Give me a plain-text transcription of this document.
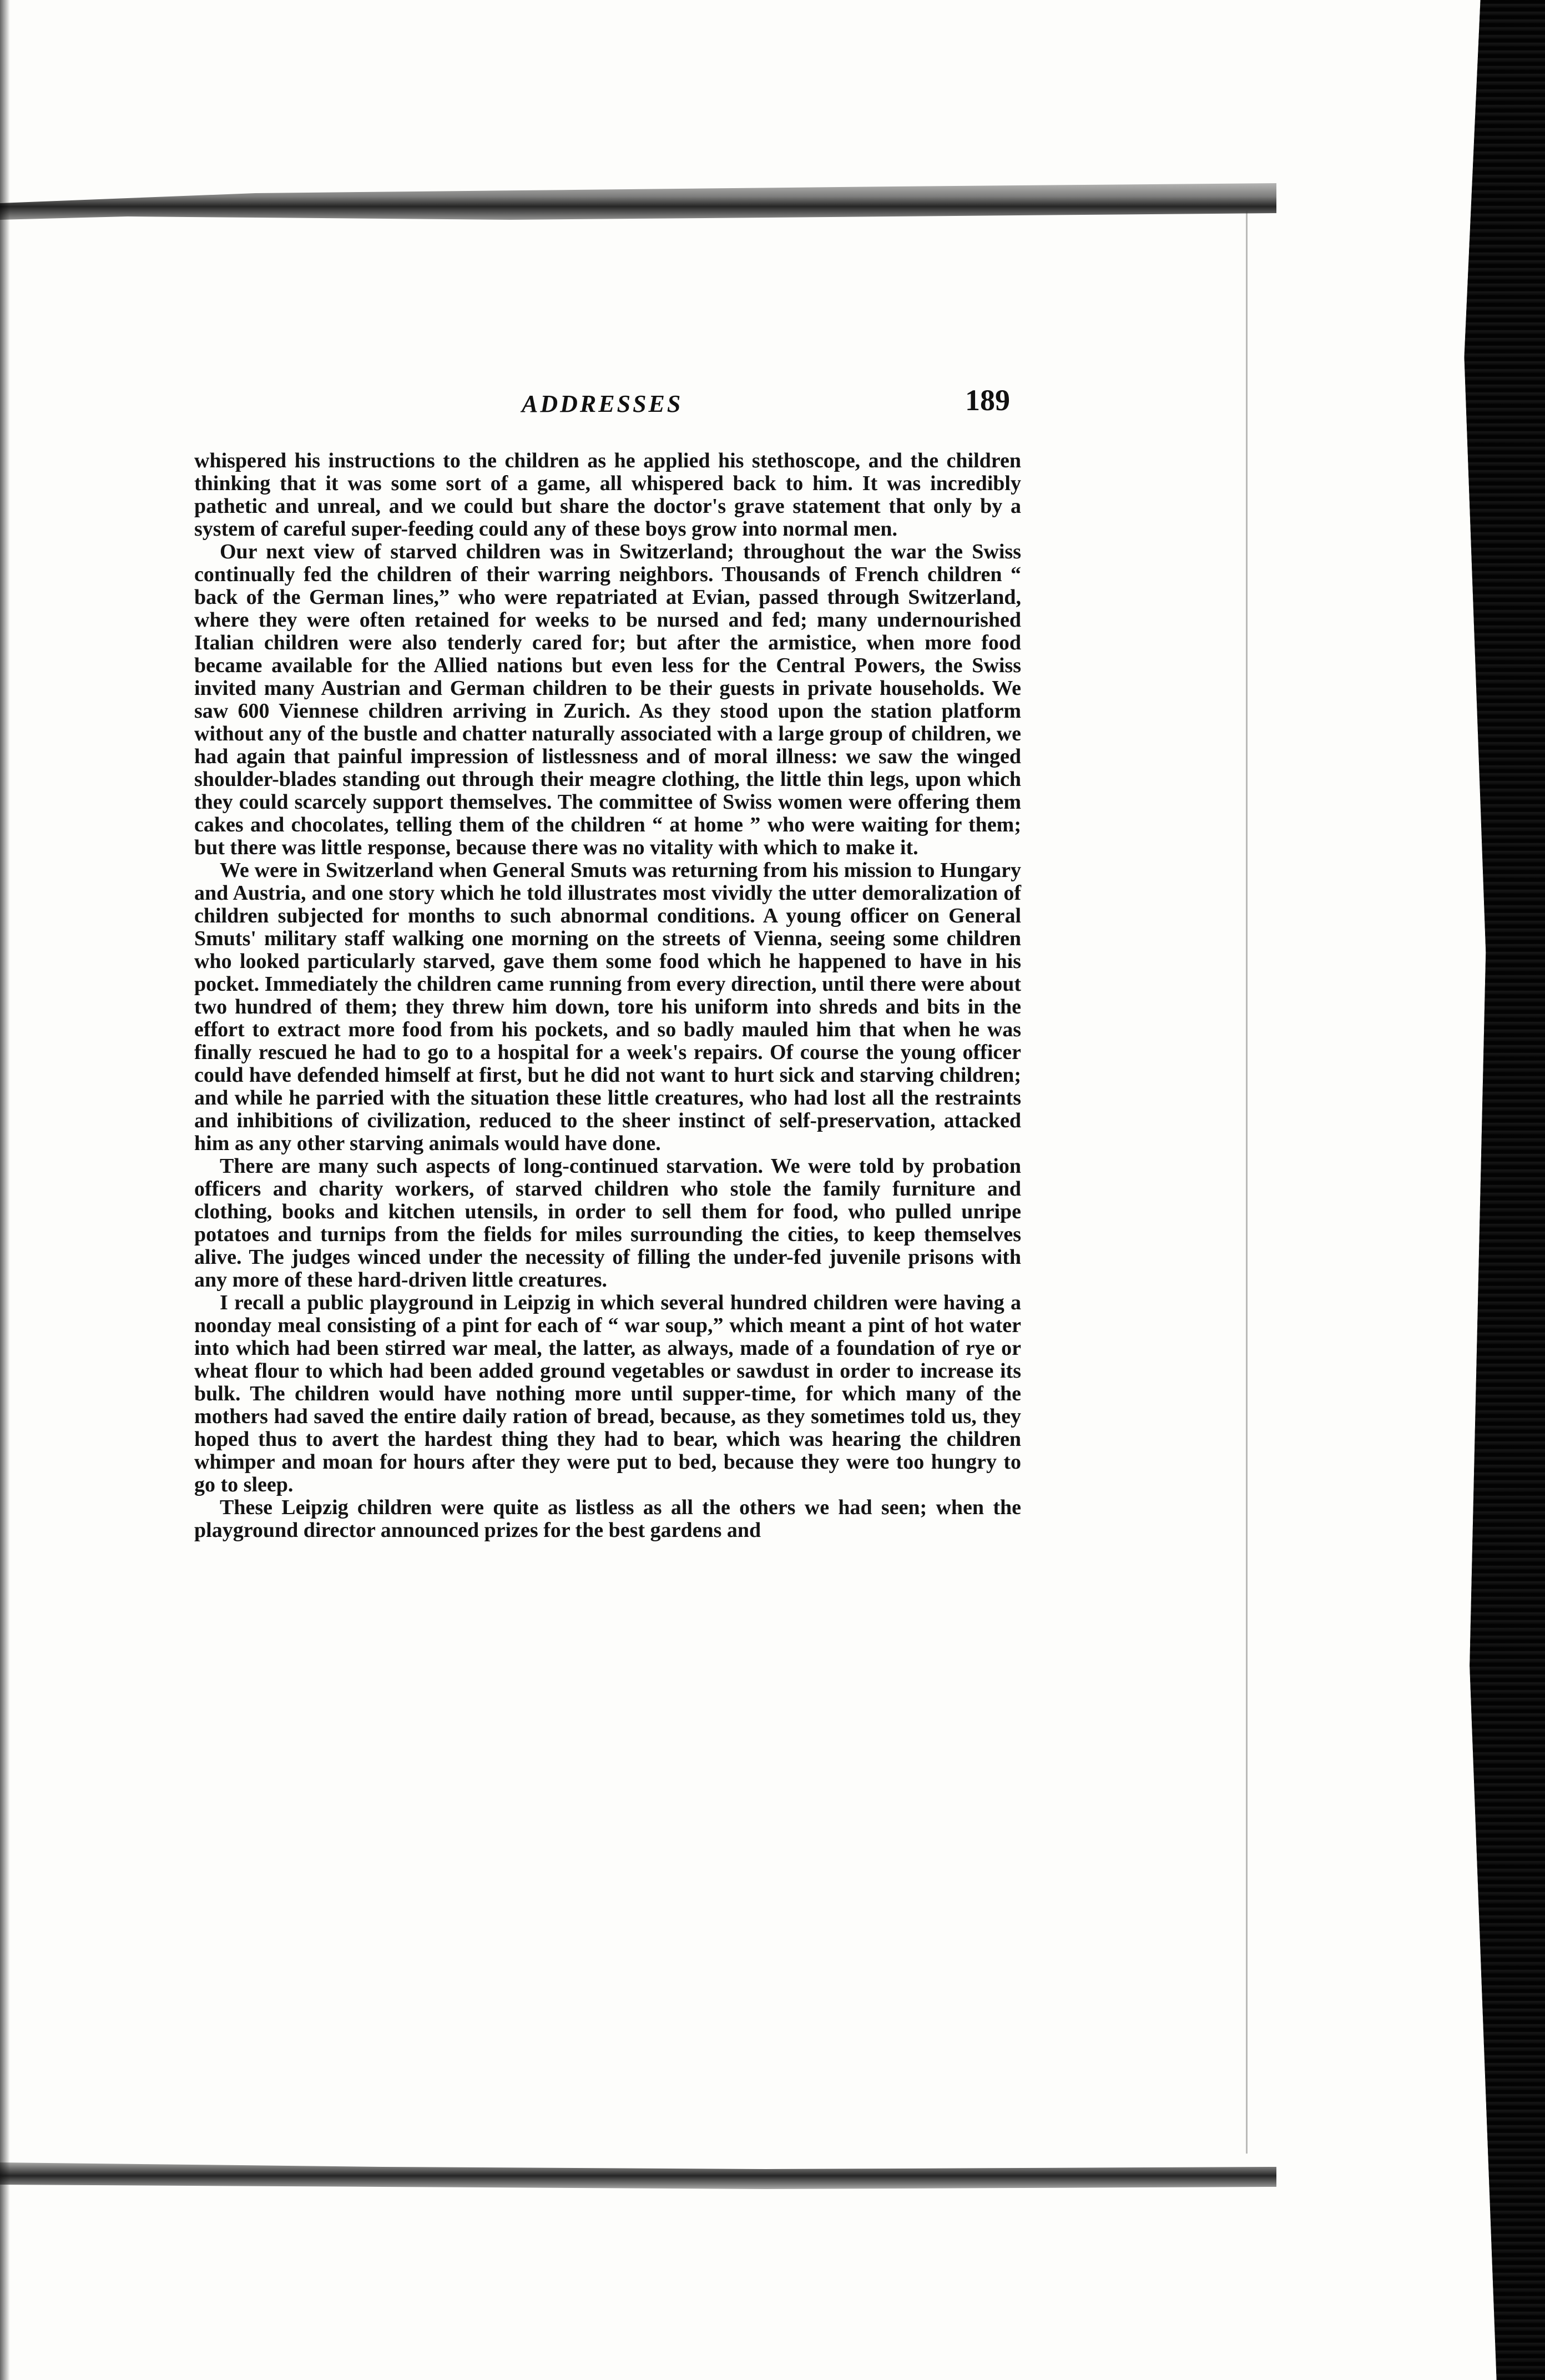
ADDRESSES	189

whispered his instructions to the children as he applied his stethoscope, and the children thinking that it was some sort of a game, all whispered back to him. It was incredibly pathetic and unreal, and we could but share the doctor's grave statement that only by a system of careful super-feeding could any of these boys grow into normal men.

Our next view of starved children was in Switzerland; throughout the war the Swiss continually fed the children of their warring neighbors. Thousands of French children “ back of the German lines,” who were repatriated at Evian, passed through Switzerland, where they were often retained for weeks to be nursed and fed; many undernourished Italian children were also tenderly cared for; but after the armistice, when more food became available for the Allied nations but even less for the Central Powers, the Swiss invited many Austrian and German children to be their guests in private households. We saw 600 Viennese children arriving in Zurich. As they stood upon the station platform without any of the bustle and chatter naturally associated with a large group of children, we had again that painful impression of listlessness and of moral illness: we saw the winged shoulder-blades standing out through their meagre clothing, the little thin legs, upon which they could scarcely support themselves. The committee of Swiss women were offering them cakes and chocolates, telling them of the children “ at home ” who were waiting for them; but there was little response, because there was no vitality with which to make it.

We were in Switzerland when General Smuts was returning from his mission to Hungary and Austria, and one story which he told illustrates most vividly the utter demoralization of children subjected for months to such abnormal conditions. A young officer on General Smuts' military staff walking one morning on the streets of Vienna, seeing some children who looked particularly starved, gave them some food which he happened to have in his pocket. Immediately the children came running from every direction, until there were about two hundred of them; they threw him down, tore his uniform into shreds and bits in the effort to extract more food from his pockets, and so badly mauled him that when he was finally rescued he had to go to a hospital for a week's repairs. Of course the young officer could have defended himself at first, but he did not want to hurt sick and starving children; and while he parried with the situation these little creatures, who had lost all the restraints and inhibitions of civilization, reduced to the sheer instinct of self-preservation, attacked him as any other starving animals would have done.

There are many such aspects of long-continued starvation. We were told by probation officers and charity workers, of starved children who stole the family furniture and clothing, books and kitchen utensils, in order to sell them for food, who pulled unripe potatoes and turnips from the fields for miles surrounding the cities, to keep themselves alive. The judges winced under the necessity of filling the under-fed juvenile prisons with any more of these hard-driven little creatures.

I recall a public playground in Leipzig in which several hundred children were having a noonday meal consisting of a pint for each of “ war soup,” which meant a pint of hot water into which had been stirred war meal, the latter, as always, made of a foundation of rye or wheat flour to which had been added ground vegetables or sawdust in order to increase its bulk. The children would have nothing more until supper-time, for which many of the mothers had saved the entire daily ration of bread, because, as they sometimes told us, they hoped thus to avert the hardest thing they had to bear, which was hearing the children whimper and moan for hours after they were put to bed, because they were too hungry to go to sleep.

These Leipzig children were quite as listless as all the others we had seen; when the playground director announced prizes for the best gardens and
